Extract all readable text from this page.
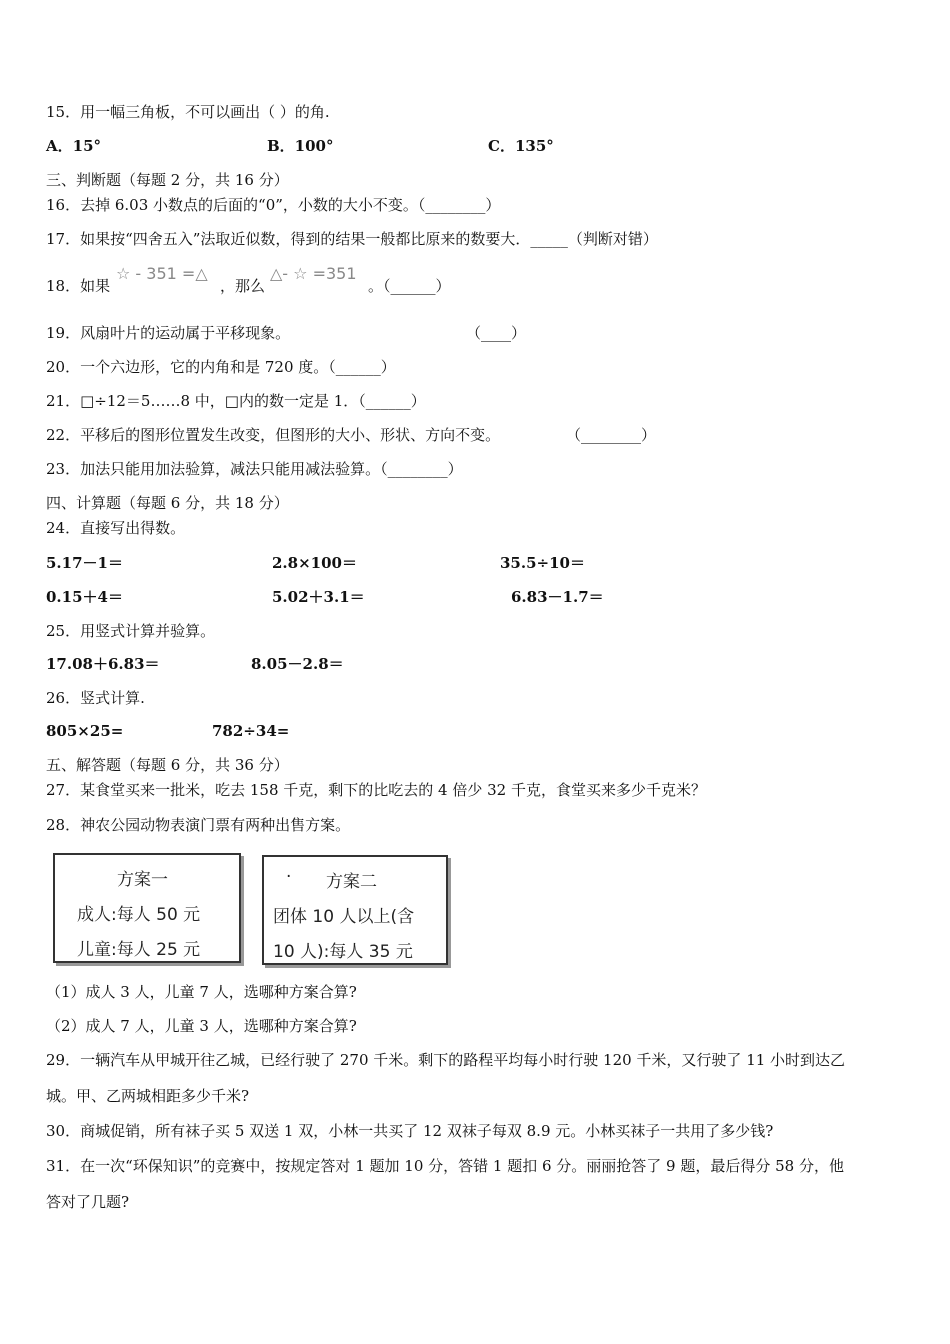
15．用一幅三角板，不可以画出（ ）的角.
A．15°	B．100°	C．135°
三、判断题（每题 2 分，共 16 分）
16．去掉 6.03 小数点的后面的“0”，小数的大小不变。（________）
17．如果按“四舍五入”法取近似数，得到的结果一般都比原来的数要大．_____（判断对错）
18．如果
☆ - 351 =△
，那么
△- ☆ =351
。（______）
19．风扇叶片的运动属于平移现象。	（____）
20．一个六边形，它的内角和是 720 度。（______）
21．□÷12＝5……8 中，□内的数一定是 1．（______）
22．平移后的图形位置发生改变，但图形的大小、形状、方向不变。	（________）
23．加法只能用加法验算，减法只能用减法验算。（________）
四、计算题（每题 6 分，共 18 分）
24．直接写出得数。
5.17－1＝	2.8×100＝	35.5÷10＝
0.15＋4＝	5.02＋3.1＝	6.83－1.7＝
25．用竖式计算并验算。
17.08＋6.83＝	8.05－2.8＝
26．竖式计算.
805×25=	782÷34=
五、解答题（每题 6 分，共 36 分）
27．某食堂买来一批米，吃去 158 千克，剩下的比吃去的 4 倍少 32 千克，食堂买来多少千克米？
28．神农公园动物表演门票有两种出售方案。
方案一
成人:每人 50 元
儿童:每人 25 元
· 方案二
团体 10 人以上(含
10 人):每人 35 元
（1）成人 3 人，儿童 7 人，选哪种方案合算?
（2）成人 7 人，儿童 3 人，选哪种方案合算?
29．一辆汽车从甲城开往乙城，已经行驶了 270 千米。剩下的路程平均每小时行驶 120 千米，又行驶了 11 小时到达乙
城。甲、乙两城相距多少千米?
30．商城促销，所有袜子买 5 双送 1 双，小林一共买了 12 双袜子每双 8.9 元。小林买袜子一共用了多少钱?
31．在一次“环保知识”的竞赛中，按规定答对 1 题加 10 分，答错 1 题扣 6 分。丽丽抢答了 9 题，最后得分 58 分，他
答对了几题?
